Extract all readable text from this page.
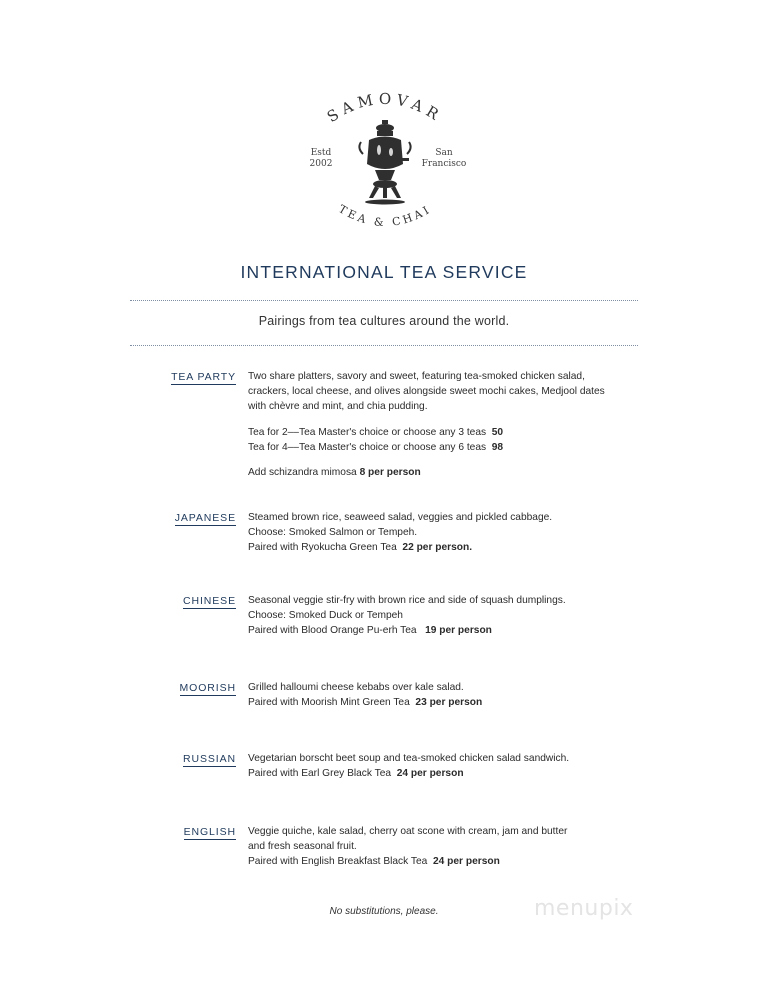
SAMOVAR
Estd
2002
San
Francisco
TEA & CHAI
INTERNATIONAL TEA SERVICE
Pairings from tea cultures around the world.
TEA PARTY Two share platters, savory and sweet, featuring tea-smoked chicken salad,
crackers, local cheese, and olives alongside sweet mochi cakes, Medjool dates
with chèvre and mint, and chia pudding.
Tea for 2––Tea Master's choice or choose any 3 teas 50
Tea for 4––Tea Master's choice or choose any 6 teas 98
Add schizandra mimosa 8 per person
JAPANESE Steamed brown rice, seaweed salad, veggies and pickled cabbage.
Choose: Smoked Salmon or Tempeh.
Paired with Ryokucha Green Tea 22 per person.
CHINESE Seasonal veggie stir-fry with brown rice and side of squash dumplings.
Choose: Smoked Duck or Tempeh
Paired with Blood Orange Pu-erh Tea 19 per person
MOORISH Grilled halloumi cheese kebabs over kale salad.
Paired with Moorish Mint Green Tea 23 per person
RUSSIAN Vegetarian borscht beet soup and tea-smoked chicken salad sandwich.
Paired with Earl Grey Black Tea 24 per person
ENGLISH Veggie quiche, kale salad, cherry oat scone with cream, jam and butter
and fresh seasonal fruit.
Paired with English Breakfast Black Tea 24 per person
No substitutions, please.	menupix
